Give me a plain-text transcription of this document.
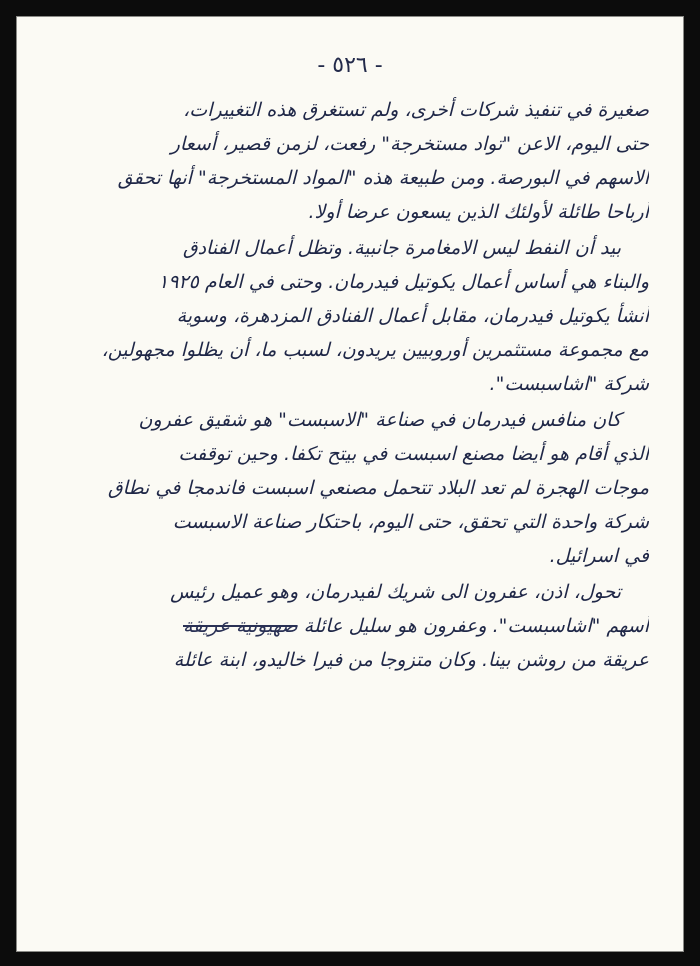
- ٥٢٦ -

صغيرة في تنفيذ شركات أخرى، ولم تستغرق هذه التغييرات،
حتى اليوم، الاعن "تواد مستخرجة" رفعت، لزمن قصير، أسعار
الاسهم في البورصة. ومن طبيعة هذه "المواد المستخرجة" أنها تحقق
أرباحا طائلة لأولئك الذين يسعون عرضا أولا.
بيد أن النفط ليس الامغامرة جانبية. وتظل أعمال الفنادق
والبناء هي أساس أعمال يكوتيل فيدرمان. وحتى في العام ١٩٢٥
أنشأ يكوتيل فيدرمان، مقابل أعمال الفنادق المزدهرة، وسوية
مع مجموعة مستثمرين أوروبيين يريدون، لسبب ما، أن يظلوا مجهولين،
شركة "اشاسبست".
كان منافس فيدرمان في صناعة "الاسبست" هو شقيق عفرون
الذي أقام هو أيضا مصنع اسبست في بيتح تكفا. وحين توقفت
موجات الهجرة لم تعد البلاد تتحمل مصنعي اسبست فاندمجا في نطاق
شركة واحدة التي تحقق، حتى اليوم، باحتكار صناعة الاسبست
في اسرائيل.
تحول، اذن، عفرون الى شريك لفيدرمان، وهو عميل رئيس
أسهم "اشاسبست". وعفرون هو سليل عائلة صهيونية عريقة
عريقة من روشن بينا. وكان متزوجا من فيرا خاليدو، ابنة عائلة
